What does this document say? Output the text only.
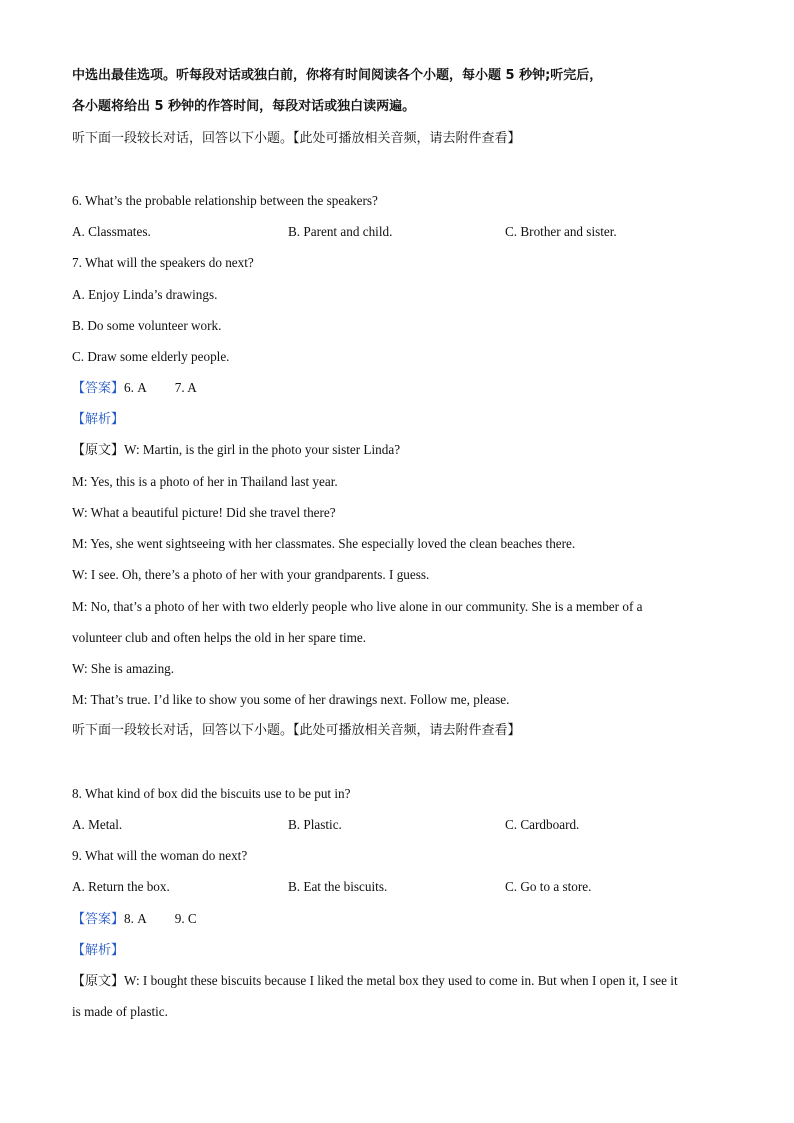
中选出最佳选项。听每段对话或独白前，你将有时间阅读各个小题，每小题 5 秒钟;听完后，
各小题将给出 5 秒钟的作答时间，每段对话或独白读两遍。
听下面一段较长对话，回答以下小题。【此处可播放相关音频，请去附件查看】
6. What’s the probable relationship between the speakers?
A. Classmates.	B. Parent and child.	C. Brother and sister.
7. What will the speakers do next?
A. Enjoy Linda’s drawings.
B. Do some volunteer work.
C. Draw some elderly people.
【答案】6. A 7. A
【解析】
【原文】W: Martin, is the girl in the photo your sister Linda?
M: Yes, this is a photo of her in Thailand last year.
W: What a beautiful picture! Did she travel there?
M: Yes, she went sightseeing with her classmates. She especially loved the clean beaches there.
W: I see. Oh, there’s a photo of her with your grandparents. I guess.
M: No, that’s a photo of her with two elderly people who live alone in our community. She is a member of a
volunteer club and often helps the old in her spare time.
W: She is amazing.
M: That’s true. I’d like to show you some of her drawings next. Follow me, please.
听下面一段较长对话，回答以下小题。【此处可播放相关音频，请去附件查看】
8. What kind of box did the biscuits use to be put in?
A. Metal.	B. Plastic.	C. Cardboard.
9. What will the woman do next?
A. Return the box.	B. Eat the biscuits.	C. Go to a store.
【答案】8. A 9. C
【解析】
【原文】W: I bought these biscuits because I liked the metal box they used to come in. But when I open it, I see it
is made of plastic.
